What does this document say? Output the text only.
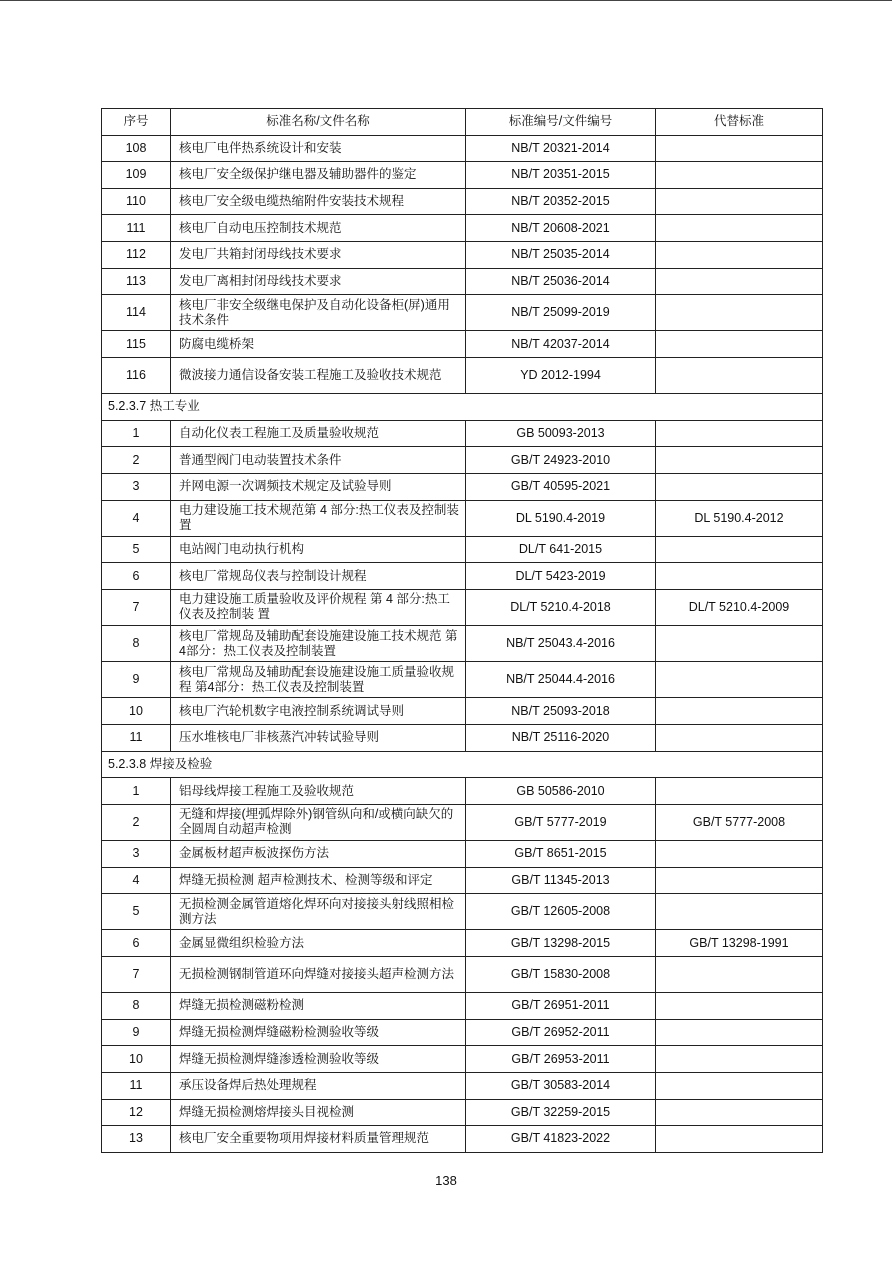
序号	标准名称/文件名称	标准编号/文件编号	代替标准
108	核电厂电伴热系统设计和安装	NB/T 20321-2014	
109	核电厂安全级保护继电器及辅助器件的鉴定	NB/T 20351-2015	
110	核电厂安全级电缆热缩附件安装技术规程	NB/T 20352-2015	
111	核电厂自动电压控制技术规范	NB/T 20608-2021	
112	发电厂共箱封闭母线技术要求	NB/T 25035-2014	
113	发电厂离相封闭母线技术要求	NB/T 25036-2014	
114	核电厂非安全级继电保护及自动化设备柜(屏)通用技术条件	NB/T 25099-2019	
115	防腐电缆桥架	NB/T 42037-2014	
116	微波接力通信设备安装工程施工及验收技术规范	YD 2012-1994	
5.2.3.7 热工专业			
1	自动化仪表工程施工及质量验收规范	GB 50093-2013	
2	普通型阀门电动装置技术条件	GB/T 24923-2010	
3	并网电源一次调频技术规定及试验导则	GB/T 40595-2021	
4	电力建设施工技术规范第 4 部分:热工仪表及控制装置	DL 5190.4-2019	DL 5190.4-2012
5	电站阀门电动执行机构	DL/T 641-2015	
6	核电厂常规岛仪表与控制设计规程	DL/T 5423-2019	
7	电力建设施工质量验收及评价规程 第 4 部分:热工仪表及控制装 置	DL/T 5210.4-2018	DL/T 5210.4-2009
8	核电厂常规岛及辅助配套设施建设施工技术规范 第4部分：热工仪表及控制装置	NB/T 25043.4-2016	
9	核电厂常规岛及辅助配套设施建设施工质量验收规程 第4部分：热工仪表及控制装置	NB/T 25044.4-2016	
10	核电厂汽轮机数字电液控制系统调试导则	NB/T 25093-2018	
11	压水堆核电厂非核蒸汽冲转试验导则	NB/T 25116-2020	
5.2.3.8 焊接及检验			
1	铝母线焊接工程施工及验收规范	GB 50586-2010	
2	无缝和焊接(埋弧焊除外)钢管纵向和/或横向缺欠的全圆周自动超声检测	GB/T 5777-2019	GB/T 5777-2008
3	金属板材超声板波探伤方法	GB/T 8651-2015	
4	焊缝无损检测 超声检测技术、检测等级和评定	GB/T 11345-2013	
5	无损检测金属管道熔化焊环向对接接头射线照相检测方法	GB/T 12605-2008	
6	金属显微组织检验方法	GB/T 13298-2015	GB/T 13298-1991
7	无损检测钢制管道环向焊缝对接接头超声检测方法	GB/T 15830-2008	
8	焊缝无损检测磁粉检测	GB/T 26951-2011	
9	焊缝无损检测焊缝磁粉检测验收等级	GB/T 26952-2011	
10	焊缝无损检测焊缝渗透检测验收等级	GB/T 26953-2011	
11	承压设备焊后热处理规程	GB/T 30583-2014	
12	焊缝无损检测熔焊接头目视检测	GB/T 32259-2015	
13	核电厂安全重要物项用焊接材料质量管理规范	GB/T 41823-2022	
138
